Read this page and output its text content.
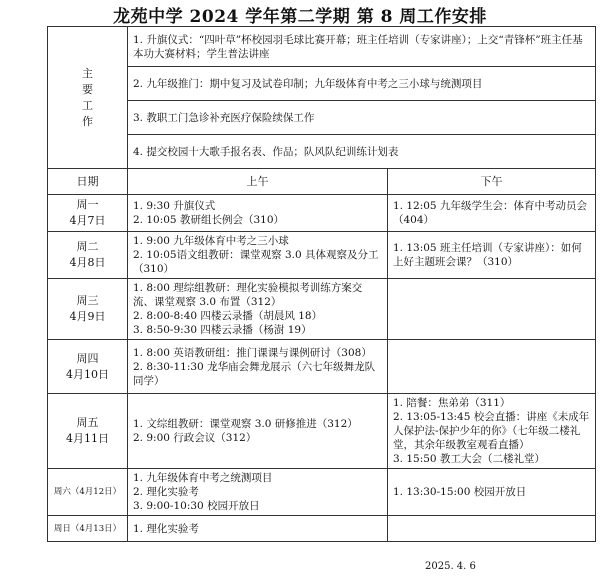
龙苑中学 2024 学年第二学期 第 8 周工作安排
主
要
工
作	1. 升旗仪式：“四叶草”杯校园羽毛球比赛开幕；班主任培训（专家讲座）；上交“青锋杯”班主任基本功大赛材料；学生普法讲座	
	2. 九年级推门：期中复习及试卷印制；九年级体育中考之三小球与统测项目	
	3. 教职工门急诊补充医疗保险续保工作	
	4. 提交校园十大歌手报名表、作品；队风队纪训练计划表	
日期	上午	下午

周一
4月7日	1. 9:30 升旗仪式
2. 10:05 教研组长例会（310）	1. 12:05 九年级学生会：体育中考动员会（404）

周二
4月8日	1. 9:00 九年级体育中考之三小球
2. 10:05语文组教研：课堂观察 3.0 具体观察及分工（310）	1. 13:05 班主任培训（专家讲座）：如何上好主题班会课？（310）

周三
4月9日	1. 8:00 理综组教研：理化实验模拟考训练方案交流、课堂观察 3.0 布置（312）
2. 8:00-8:40 四楼云录播（胡晨风 18）
3. 8:50-9:30 四楼云录播（杨澍 19）	

周四
4月10日	1. 8:00 英语教研组：推门课课与课例研讨（308）
2. 8:30-11:30 龙华庙会舞龙展示（六七年级舞龙队同学）	

周五
4月11日	1. 文综组教研：课堂观察 3.0 研修推进（312）
2. 9:00 行政会议（312）	1. 陪餐：焦弟弟（311）
2. 13:05-13:45 校会直播：讲座《未成年人保护法-保护少年的你》（七年级二楼礼堂，其余年级教室观看直播）
3. 15:50 教工大会（二楼礼堂）

周六（4月12日）	1. 九年级体育中考之统测项目
2. 理化实验考
3. 9:00-10:30 校园开放日	1. 13:30-15:00 校园开放日

周日（4月13日）	1. 理化实验考	

2025. 4. 6
